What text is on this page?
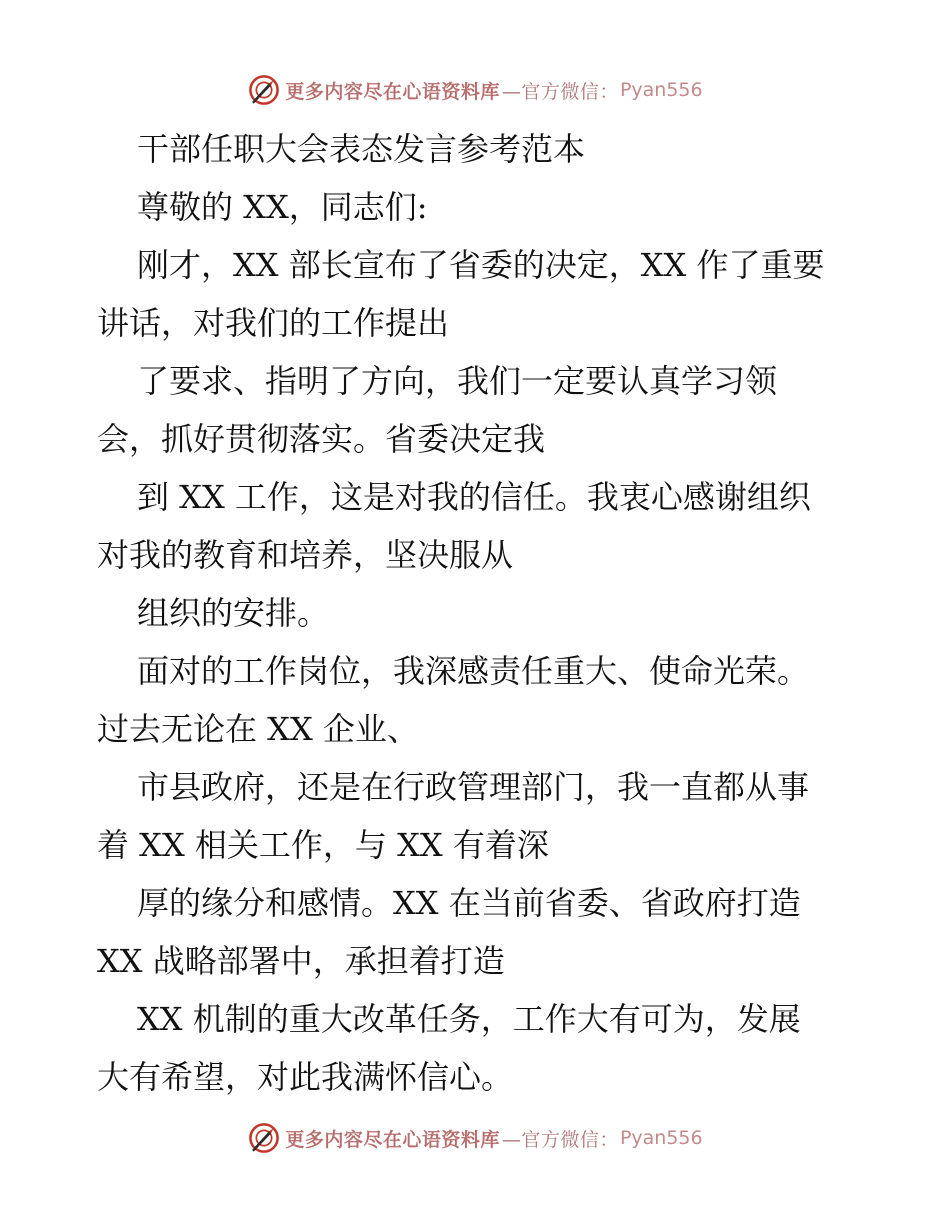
更多内容尽在心语资料库 —官方微信： Pyan556
干部任职大会表态发言参考范本
尊敬的 XX，同志们:
刚才，XX 部长宣布了省委的决定，XX 作了重要
讲话，对我们的工作提出
了要求、指明了方向，我们一定要认真学习领
会，抓好贯彻落实。省委决定我
到 XX 工作，这是对我的信任。我衷心感谢组织
对我的教育和培养，坚决服从
组织的安排。
面对的工作岗位，我深感责任重大、使命光荣。
过去无论在 XX 企业、
市县政府，还是在行政管理部门，我一直都从事
着 XX 相关工作，与 XX 有着深
厚的缘分和感情。XX 在当前省委、省政府打造
XX 战略部署中，承担着打造
XX 机制的重大改革任务，工作大有可为，发展
大有希望，对此我满怀信心。
更多内容尽在心语资料库 —官方微信： Pyan556
